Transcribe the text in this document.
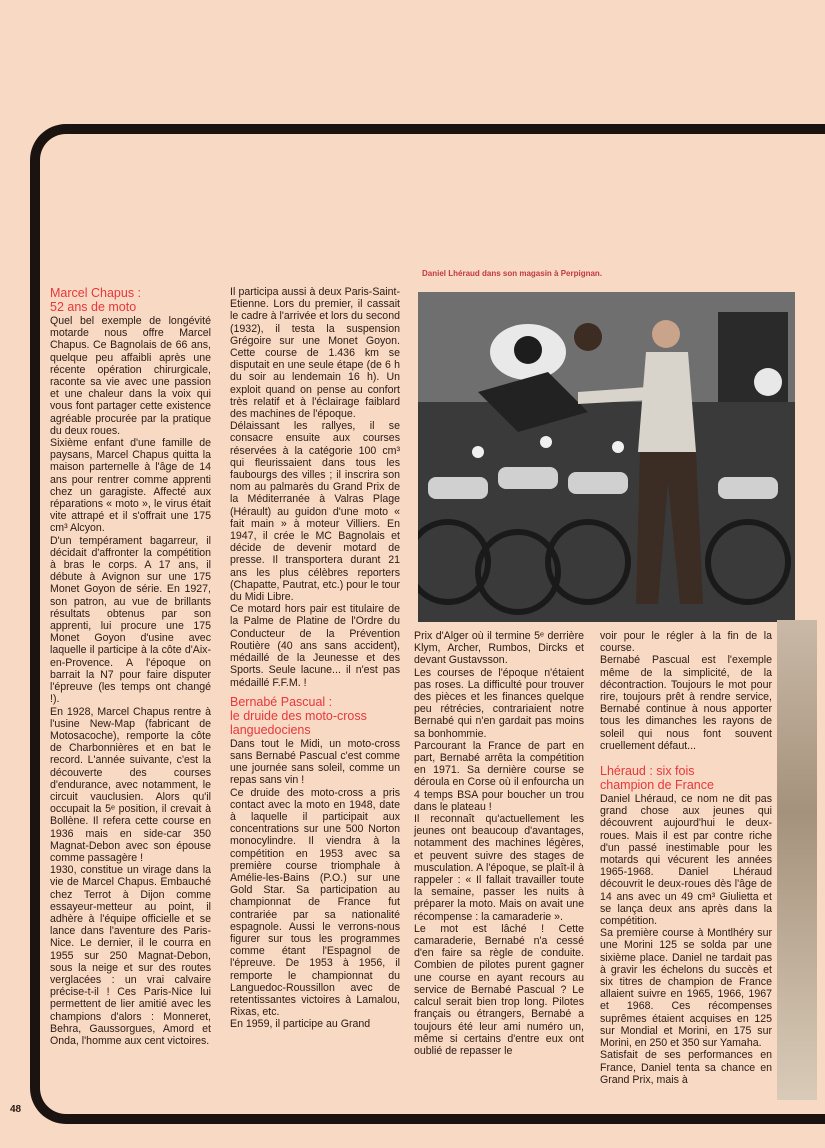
Daniel Lhéraud dans son magasin à Perpignan.
Marcel Chapus :
52 ans de moto

Quel bel exemple de longévité motarde nous offre Marcel Chapus. Ce Bagnolais de 66 ans, quelque peu affaibli après une récente opération chirurgicale, raconte sa vie avec une passion et une chaleur dans la voix qui vous font partager cette existence agréable procurée par la pratique du deux roues.

Sixième enfant d'une famille de paysans, Marcel Chapus quitta la maison parternelle à l'âge de 14 ans pour rentrer comme apprenti chez un garagiste. Affecté aux réparations « moto », le virus était vite attrapé et il s'offrait une 175 cm³ Alcyon.

D'un tempérament bagarreur, il décidait d'affronter la compétition à bras le corps. A 17 ans, il débute à Avignon sur une 175 Monet Goyon de série. En 1927, son patron, au vue de brillants résultats obtenus par son apprenti, lui procure une 175 Monet Goyon d'usine avec laquelle il participe à la côte d'Aix-en-Provence. A l'époque on barrait la N7 pour faire disputer l'épreuve (les temps ont changé !).

En 1928, Marcel Chapus rentre à l'usine New-Map (fabricant de Motosacoche), remporte la côte de Charbonnières et en bat le record. L'année suivante, c'est la découverte des courses d'endurance, avec notamment, le circuit vauclusien. Alors qu'il occupait la 5ᵉ position, il crevait à Bollène. Il refera cette course en 1936 mais en side-car 350 Magnat-Debon avec son épouse comme passagère !

1930, constitue un virage dans la vie de Marcel Chapus. Embauché chez Terrot à Dijon comme essayeur-metteur au point, il adhère à l'équipe officielle et se lance dans l'aventure des Paris-Nice. Le dernier, il le courra en 1955 sur 250 Magnat-Debon, sous la neige et sur des routes verglacées : un vrai calvaire précise-t-il ! Ces Paris-Nice lui permettent de lier amitié avec les champions d'alors : Monneret, Behra, Gaussorgues, Amord et Onda, l'homme aux cent victoires.

Il participa aussi à deux Paris-Saint-Etienne. Lors du premier, il cassait le cadre à l'arrivée et lors du second (1932), il testa la suspension Grégoire sur une Monet Goyon. Cette course de 1.436 km se disputait en une seule étape (de 6 h du soir au lendemain 16 h). Un exploit quand on pense au confort très relatif et à l'éclairage faiblard des machines de l'époque.

Délaissant les rallyes, il se consacre ensuite aux courses réservées à la catégorie 100 cm³ qui fleurissaient dans tous les faubourgs des villes ; il inscrira son nom au palmarès du Grand Prix de la Méditerranée à Valras Plage (Hérault) au guidon d'une moto « fait main » à moteur Villiers. En 1947, il crée le MC Bagnolais et décide de devenir motard de presse. Il transportera durant 21 ans les plus célèbres reporters (Chapatte, Pautrat, etc.) pour le tour du Midi Libre.

Ce motard hors pair est titulaire de la Palme de Platine de l'Ordre du Conducteur de la Prévention Routière (40 ans sans accident), médaillé de la Jeunesse et des Sports. Seule lacune... il n'est pas médaillé F.F.M. !

Bernabé Pascual :
le druide des moto-cross
languedociens

Dans tout le Midi, un moto-cross sans Bernabé Pascual c'est comme une journée sans soleil, comme un repas sans vin !

Ce druide des moto-cross a pris contact avec la moto en 1948, date à laquelle il participait aux concentrations sur une 500 Norton monocylindre. Il viendra à la compétition en 1953 avec sa première course triomphale à Amélie-les-Bains (P.O.) sur une Gold Star. Sa participation au championnat de France fut contrariée par sa nationalité espagnole. Aussi le verrons-nous figurer sur tous les programmes comme étant l'Espagnol de l'épreuve. De 1953 à 1956, il remporte le championnat du Languedoc-Roussillon avec de retentissantes victoires à Lamalou, Rixas, etc.

En 1959, il participe au Grand

Prix d'Alger où il termine 5ᵉ derrière Klym, Archer, Rumbos, Dircks et devant Gustavsson.

Les courses de l'époque n'étaient pas roses. La difficulté pour trouver des pièces et les finances quelque peu rétrécies, contrariaient notre Bernabé qui n'en gardait pas moins sa bonhommie.

Parcourant la France de part en part, Bernabé arrêta la compétition en 1971. Sa dernière course se déroula en Corse où il enfourcha un 4 temps BSA pour boucher un trou dans le plateau !

Il reconnaît qu'actuellement les jeunes ont beaucoup d'avantages, notamment des machines légères, et peuvent suivre des stages de musculation. A l'époque, se plaît-il à rappeler : « Il fallait travailler toute la semaine, passer les nuits à préparer la moto. Mais on avait une récompense : la camaraderie ».

Le mot est lâché ! Cette camaraderie, Bernabé n'a cessé d'en faire sa règle de conduite. Combien de pilotes purent gagner une course en ayant recours au service de Bernabé Pascual ? Le calcul serait bien trop long. Pilotes français ou étrangers, Bernabé a toujours été leur ami numéro un, même si certains d'entre eux ont oublié de repasser le

voir pour le régler à la fin de la course.

Bernabé Pascual est l'exemple même de la simplicité, de la décontraction. Toujours le mot pour rire, toujours prêt à rendre service, Bernabé continue à nous apporter tous les dimanches les rayons de soleil qui nous font souvent cruellement défaut...

Lhéraud : six fois
champion de France

Daniel Lhéraud, ce nom ne dit pas grand chose aux jeunes qui découvrent aujourd'hui le deux-roues. Mais il est par contre riche d'un passé inestimable pour les motards qui vécurent les années 1965-1968. Daniel Lhéraud découvrit le deux-roues dès l'âge de 14 ans avec un 49 cm³ Giulietta et se lança deux ans après dans la compétition.

Sa première course à Montlhéry sur une Morini 125 se solda par une sixième place. Daniel ne tardait pas à gravir les échelons du succès et six titres de champion de France allaient suivre en 1965, 1966, 1967 et 1968. Ces récompenses suprêmes étaient acquises en 125 sur Mondial et Morini, en 175 sur Morini, en 250 et 350 sur Yamaha.

Satisfait de ses performances en France, Daniel tenta sa chance en Grand Prix, mais à

48
